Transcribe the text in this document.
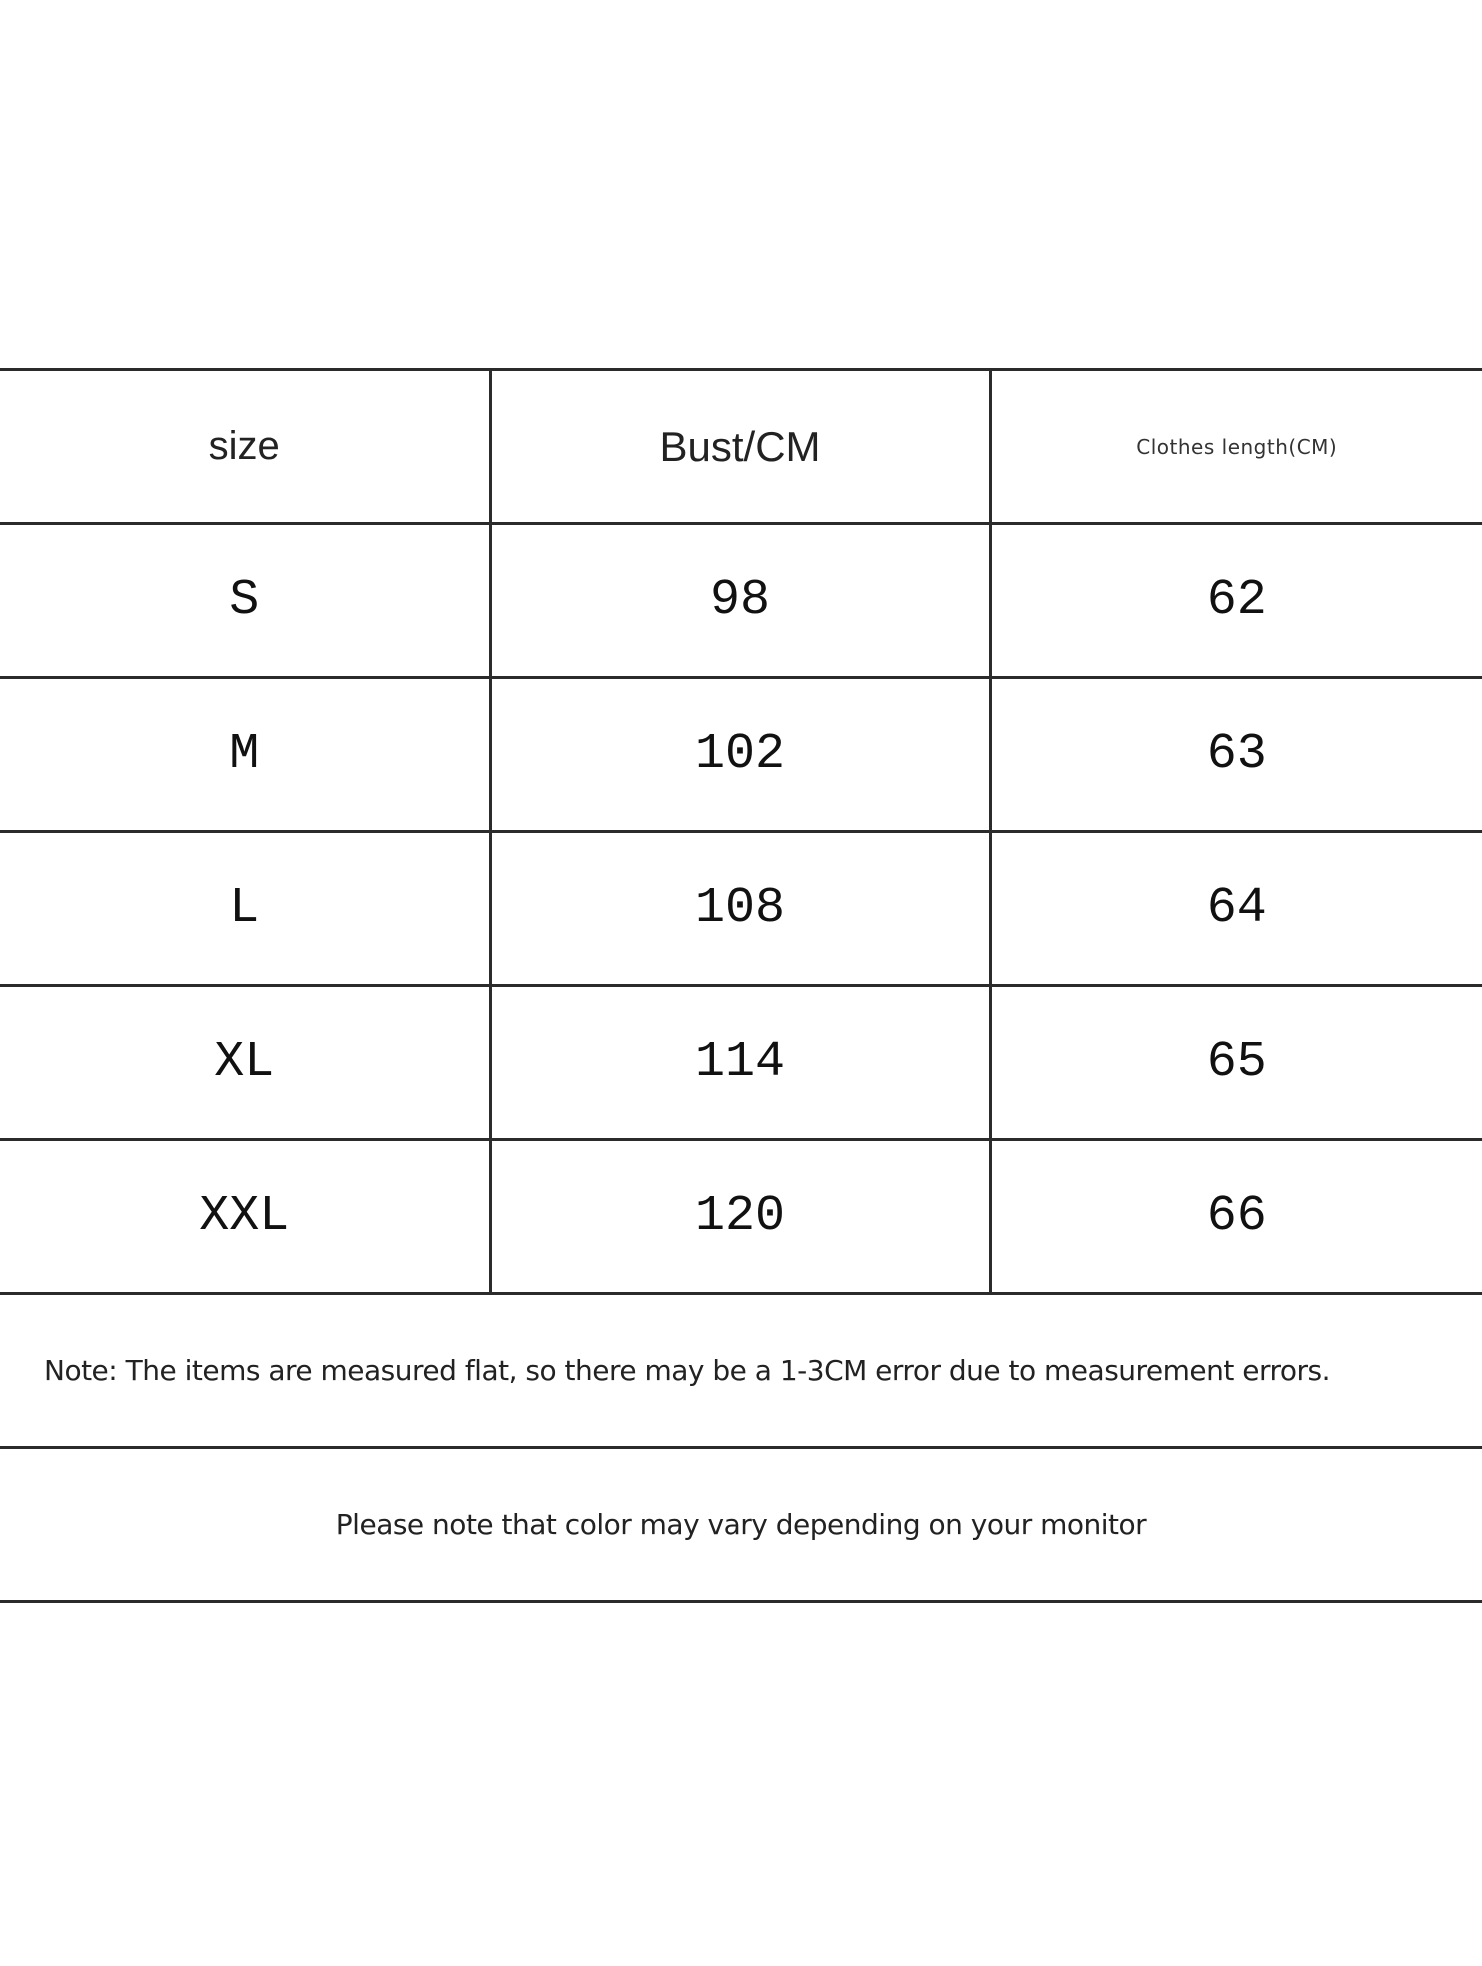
size	Bust/CM	Clothes length(CM)
S	98	62
M	102	63
L	108	64
XL	114	65
XXL	120	66
Note: The items are measured flat, so there may be a 1-3CM error due to measurement errors.		
Please note that color may vary depending on your monitor		
